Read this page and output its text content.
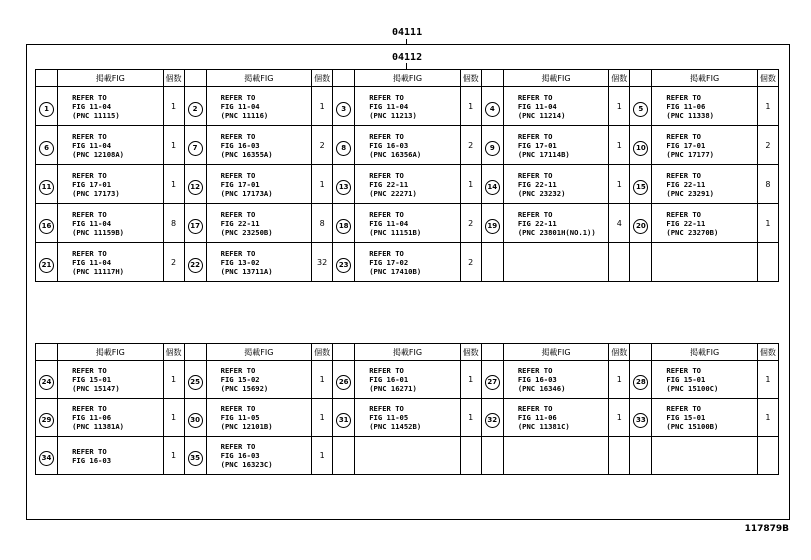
04111
04112
	掲載FIG	個数		掲載FIG	個数		掲載FIG	個数		掲載FIG	個数		掲載FIG	個数
1	REFER TO
FIG 11-04
(PNC 11115)	1	2	REFER TO
FIG 11-04
(PNC 11116)	1	3	REFER TO
FIG 11-04
(PNC 11213)	1	4	REFER TO
FIG 11-04
(PNC 11214)	1	5	REFER TO
FIG 11-06
(PNC 11338)	1
6	REFER TO
FIG 11-04
(PNC 12108A)	1	7	REFER TO
FIG 16-03
(PNC 16355A)	2	8	REFER TO
FIG 16-03
(PNC 16356A)	2	9	REFER TO
FIG 17-01
(PNC 17114B)	1	10	REFER TO
FIG 17-01
(PNC 17177)	2
11	REFER TO
FIG 17-01
(PNC 17173)	1	12	REFER TO
FIG 17-01
(PNC 17173A)	1	13	REFER TO
FIG 22-11
(PNC 22271)	1	14	REFER TO
FIG 22-11
(PNC 23232)	1	15	REFER TO
FIG 22-11
(PNC 23291)	8
16	REFER TO
FIG 11-04
(PNC 11159B)	8	17	REFER TO
FIG 22-11
(PNC 23250B)	8	18	REFER TO
FIG 11-04
(PNC 11151B)	2	19	REFER TO
FIG 22-11
(PNC 23801H(NO.1))	4	20	REFER TO
FIG 22-11
(PNC 23270B)	1
21	REFER TO
FIG 11-04
(PNC 11117H)	2	22	REFER TO
FIG 13-02
(PNC 13711A)	32	23	REFER TO
FIG 17-02
(PNC 17410B)	2						
	掲載FIG	個数		掲載FIG	個数		掲載FIG	個数		掲載FIG	個数		掲載FIG	個数
24	REFER TO
FIG 15-01
(PNC 15147)	1	25	REFER TO
FIG 15-02
(PNC 15692)	1	26	REFER TO
FIG 16-01
(PNC 16271)	1	27	REFER TO
FIG 16-03
(PNC 16346)	1	28	REFER TO
FIG 15-01
(PNC 15100C)	1
29	REFER TO
FIG 11-06
(PNC 11381A)	1	30	REFER TO
FIG 11-05
(PNC 12101B)	1	31	REFER TO
FIG 11-05
(PNC 11452B)	1	32	REFER TO
FIG 11-06
(PNC 11381C)	1	33	REFER TO
FIG 15-01
(PNC 15100B)	1
34	REFER TO
FIG 16-03	1	35	REFER TO
FIG 16-03
(PNC 16323C)	1									
117879B
